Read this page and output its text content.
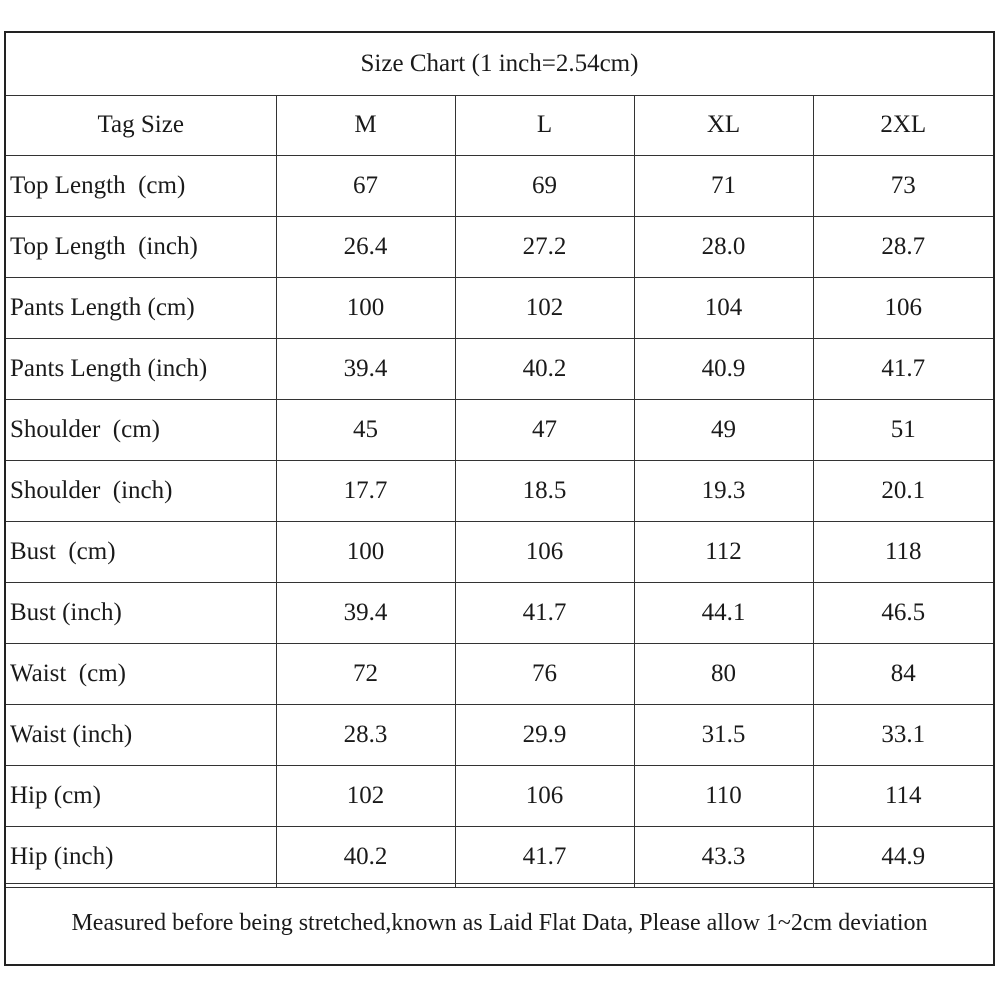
Size Chart (1 inch=2.54cm)
Tag Size	M	L	XL	2XL
Top Length  (cm)	67	69	71	73
Top Length  (inch)	26.4	27.2	28.0	28.7
Pants Length (cm)	100	102	104	106
Pants Length (inch)	39.4	40.2	40.9	41.7
Shoulder  (cm)	45	47	49	51
Shoulder  (inch)	17.7	18.5	19.3	20.1
Bust  (cm)	100	106	112	118
Bust (inch)	39.4	41.7	44.1	46.5
Waist  (cm)	72	76	80	84
Waist (inch)	28.3	29.9	31.5	33.1
Hip (cm)	102	106	110	114
Hip (inch)	40.2	41.7	43.3	44.9
Measured before being stretched,known as Laid Flat Data, Please allow 1~2cm deviation
